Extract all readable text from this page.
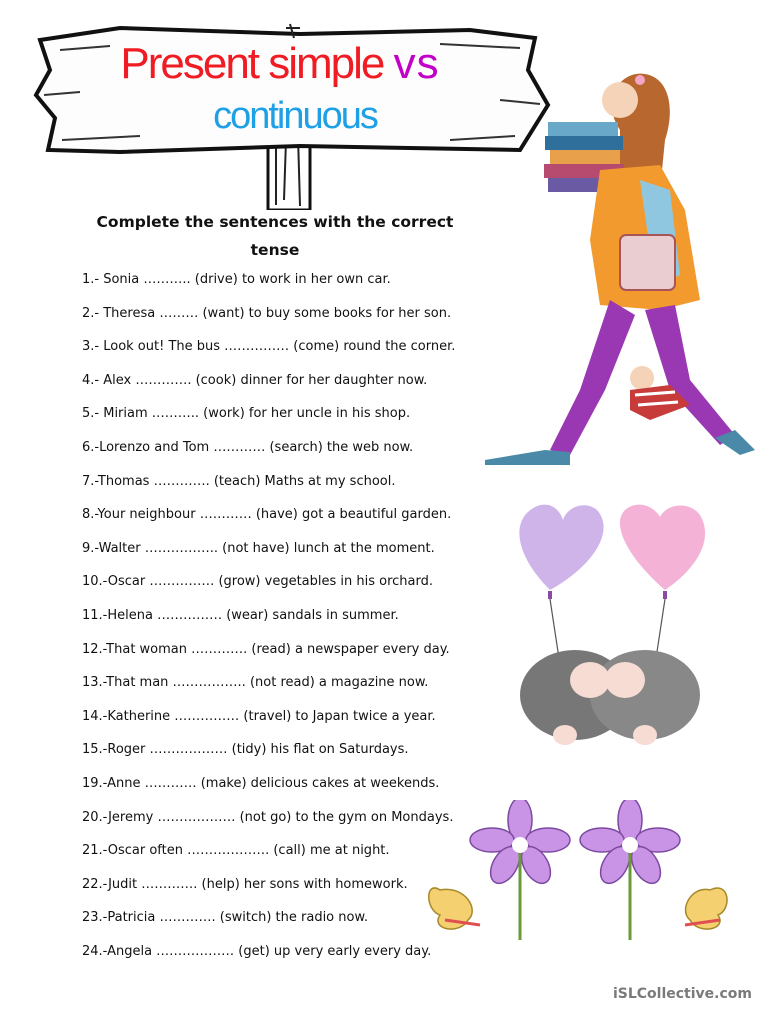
Present simple vs
continuous
Complete the sentences with the correct tense
1.- Sonia ……….. (drive) to work in her own car.
2.- Theresa ……… (want) to buy some books for her son.
3.- Look out! The bus …………… (come) round the corner.
4.- Alex …………. (cook) dinner for her daughter now.
5.- Miriam ……….. (work) for her uncle in his shop.
6.-Lorenzo and Tom ………… (search) the web now.
7.-Thomas …………. (teach) Maths at my school.
8.-Your neighbour ………… (have) got a beautiful garden.
9.-Walter …………….. (not have) lunch at the moment.
10.-Oscar …………… (grow) vegetables in his orchard.
11.-Helena …………… (wear) sandals in summer.
12.-That woman …………. (read) a newspaper every day.
13.-That man …………….. (not read) a magazine now.
14.-Katherine …………… (travel) to Japan twice a year.
15.-Roger ……………… (tidy) his flat on Saturdays.
19.-Anne ………… (make) delicious cakes at weekends.
20.-Jeremy ……………… (not go) to the gym on Mondays.
21.-Oscar often ………………. (call) me at night.
22.-Judit …………. (help) her sons with homework.
23.-Patricia …………. (switch) the radio now.
24.-Angela ……………… (get) up very early every day.
iSLCollective.com
